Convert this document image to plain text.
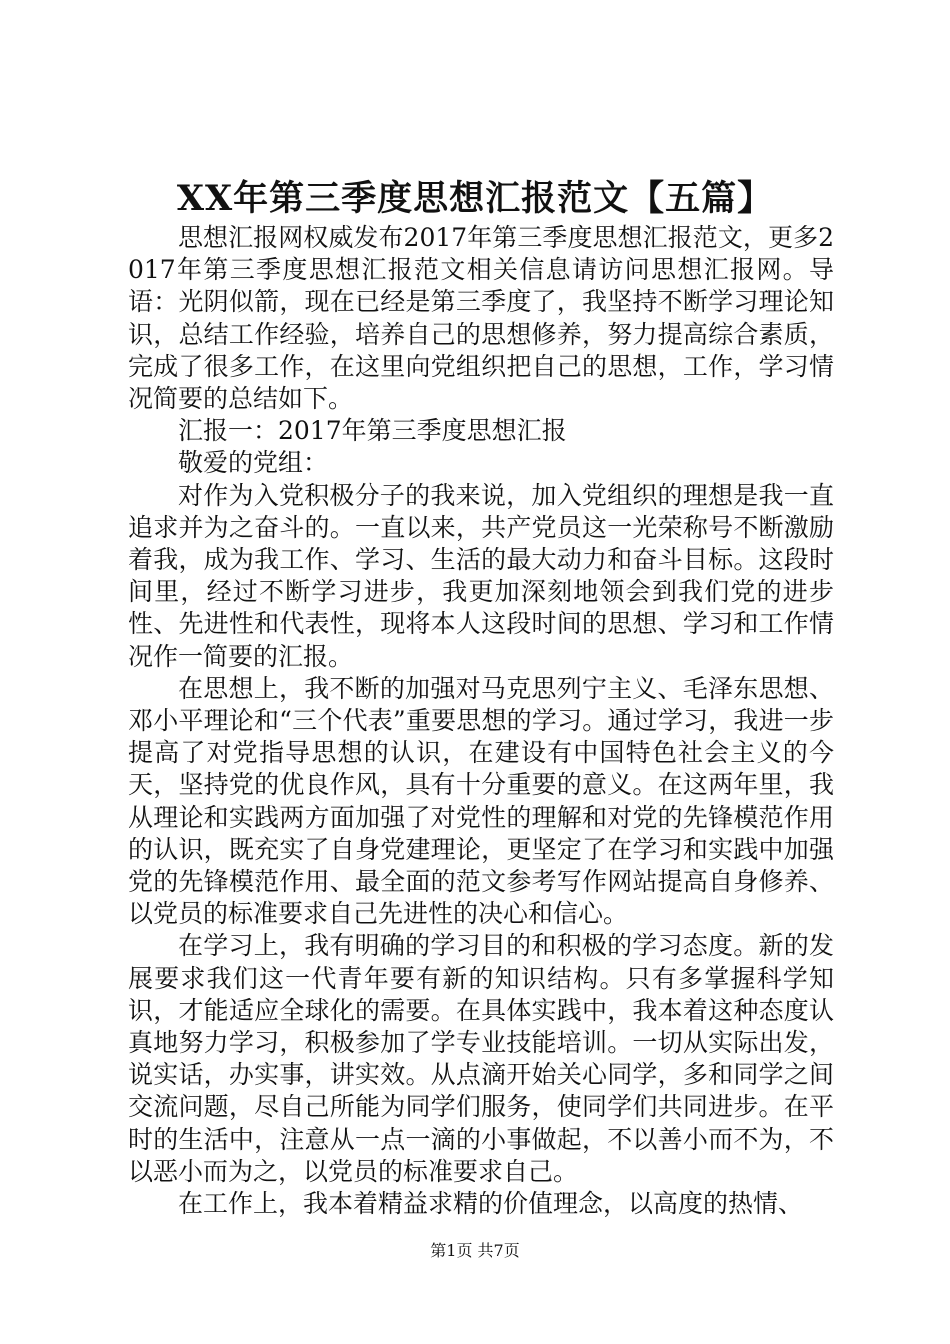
XX年第三季度思想汇报范文【五篇】

思想汇报网权威发布2017年第三季度思想汇报范文，更多2017年第三季度思想汇报范文相关信息请访问思想汇报网。导语：光阴似箭，现在已经是第三季度了，我坚持不断学习理论知识，总结工作经验，培养自己的思想修养，努力提高综合素质，完成了很多工作，在这里向党组织把自己的思想，工作，学习情况简要的总结如下。

汇报一：2017年第三季度思想汇报

敬爱的党组：

对作为入党积极分子的我来说，加入党组织的理想是我一直追求并为之奋斗的。一直以来，共产党员这一光荣称号不断激励着我，成为我工作、学习、生活的最大动力和奋斗目标。这段时间里，经过不断学习进步，我更加深刻地领会到我们党的进步性、先进性和代表性，现将本人这段时间的思想、学习和工作情况作一简要的汇报。

在思想上，我不断的加强对马克思列宁主义、毛泽东思想、邓小平理论和“三个代表”重要思想的学习。通过学习，我进一步提高了对党指导思想的认识，在建设有中国特色社会主义的今天，坚持党的优良作风，具有十分重要的意义。在这两年里，我从理论和实践两方面加强了对党性的理解和对党的先锋模范作用的认识，既充实了自身党建理论，更坚定了在学习和实践中加强党的先锋模范作用、最全面的范文参考写作网站提高自身修养、以党员的标准要求自己先进性的决心和信心。

在学习上，我有明确的学习目的和积极的学习态度。新的发展要求我们这一代青年要有新的知识结构。只有多掌握科学知识，才能适应全球化的需要。在具体实践中，我本着这种态度认真地努力学习，积极参加了学专业技能培训。一切从实际出发，说实话，办实事，讲实效。从点滴开始关心同学，多和同学之间交流问题，尽自己所能为同学们服务，使同学们共同进步。在平时的生活中，注意从一点一滴的小事做起，不以善小而不为，不以恶小而为之，以党员的标准要求自己。

在工作上，我本着精益求精的价值理念，以高度的热情、

第1页 共7页
